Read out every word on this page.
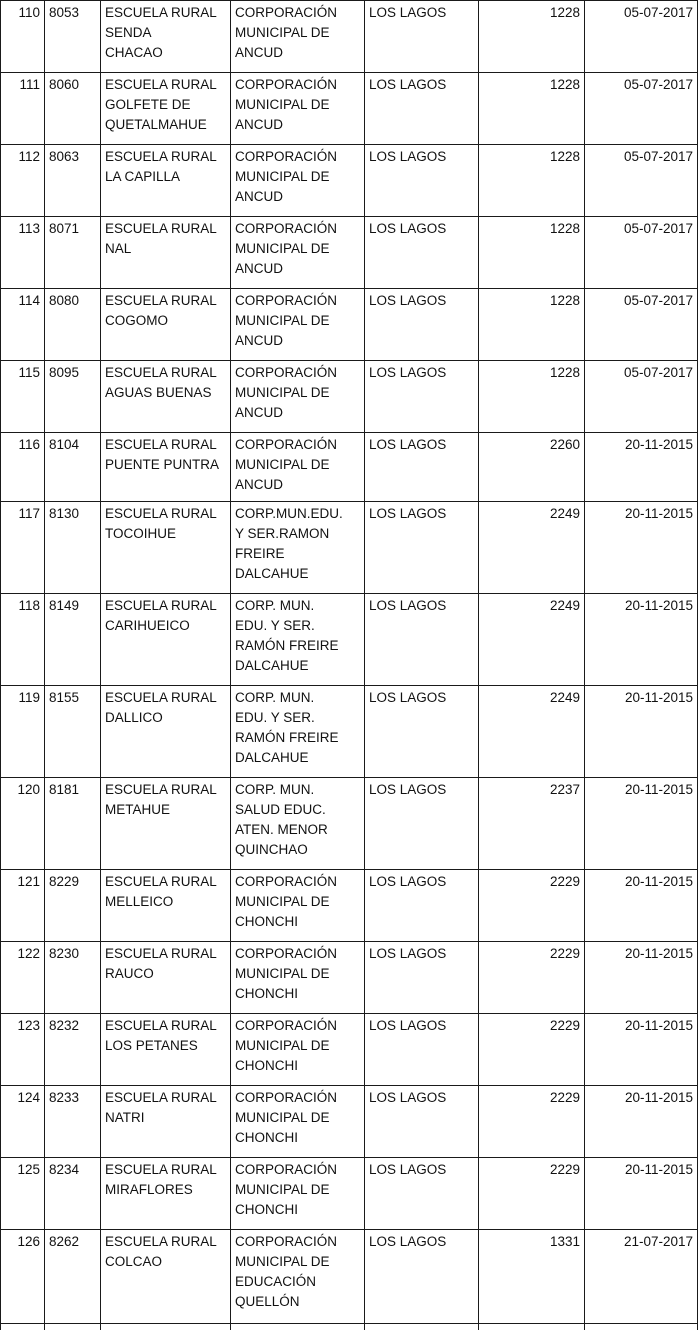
110	8053	ESCUELA RURAL
SENDA
CHACAO	CORPORACIÓN
MUNICIPAL DE
ANCUD	LOS LAGOS	1228	05-07-2017
111	8060	ESCUELA RURAL
GOLFETE DE
QUETALMAHUE	CORPORACIÓN
MUNICIPAL DE
ANCUD	LOS LAGOS	1228	05-07-2017
112	8063	ESCUELA RURAL
LA CAPILLA	CORPORACIÓN
MUNICIPAL DE
ANCUD	LOS LAGOS	1228	05-07-2017
113	8071	ESCUELA RURAL
NAL	CORPORACIÓN
MUNICIPAL DE
ANCUD	LOS LAGOS	1228	05-07-2017
114	8080	ESCUELA RURAL
COGOMO	CORPORACIÓN
MUNICIPAL DE
ANCUD	LOS LAGOS	1228	05-07-2017
115	8095	ESCUELA RURAL
AGUAS BUENAS	CORPORACIÓN
MUNICIPAL DE
ANCUD	LOS LAGOS	1228	05-07-2017
116	8104	ESCUELA RURAL
PUENTE PUNTRA	CORPORACIÓN
MUNICIPAL DE
ANCUD	LOS LAGOS	2260	20-11-2015
117	8130	ESCUELA RURAL
TOCOIHUE	CORP.MUN.EDU.
Y SER.RAMON
FREIRE
DALCAHUE	LOS LAGOS	2249	20-11-2015
118	8149	ESCUELA RURAL
CARIHUEICO	CORP. MUN.
EDU. Y SER.
RAMÓN FREIRE
DALCAHUE	LOS LAGOS	2249	20-11-2015
119	8155	ESCUELA RURAL
DALLICO	CORP. MUN.
EDU. Y SER.
RAMÓN FREIRE
DALCAHUE	LOS LAGOS	2249	20-11-2015
120	8181	ESCUELA RURAL
METAHUE	CORP. MUN.
SALUD EDUC.
ATEN. MENOR
QUINCHAO	LOS LAGOS	2237	20-11-2015
121	8229	ESCUELA RURAL
MELLEICO	CORPORACIÓN
MUNICIPAL DE
CHONCHI	LOS LAGOS	2229	20-11-2015
122	8230	ESCUELA RURAL
RAUCO	CORPORACIÓN
MUNICIPAL DE
CHONCHI	LOS LAGOS	2229	20-11-2015
123	8232	ESCUELA RURAL
LOS PETANES	CORPORACIÓN
MUNICIPAL DE
CHONCHI	LOS LAGOS	2229	20-11-2015
124	8233	ESCUELA RURAL
NATRI	CORPORACIÓN
MUNICIPAL DE
CHONCHI	LOS LAGOS	2229	20-11-2015
125	8234	ESCUELA RURAL
MIRAFLORES	CORPORACIÓN
MUNICIPAL DE
CHONCHI	LOS LAGOS	2229	20-11-2015
126	8262	ESCUELA RURAL
COLCAO	CORPORACIÓN
MUNICIPAL DE
EDUCACIÓN
QUELLÓN	LOS LAGOS	1331	21-07-2017
